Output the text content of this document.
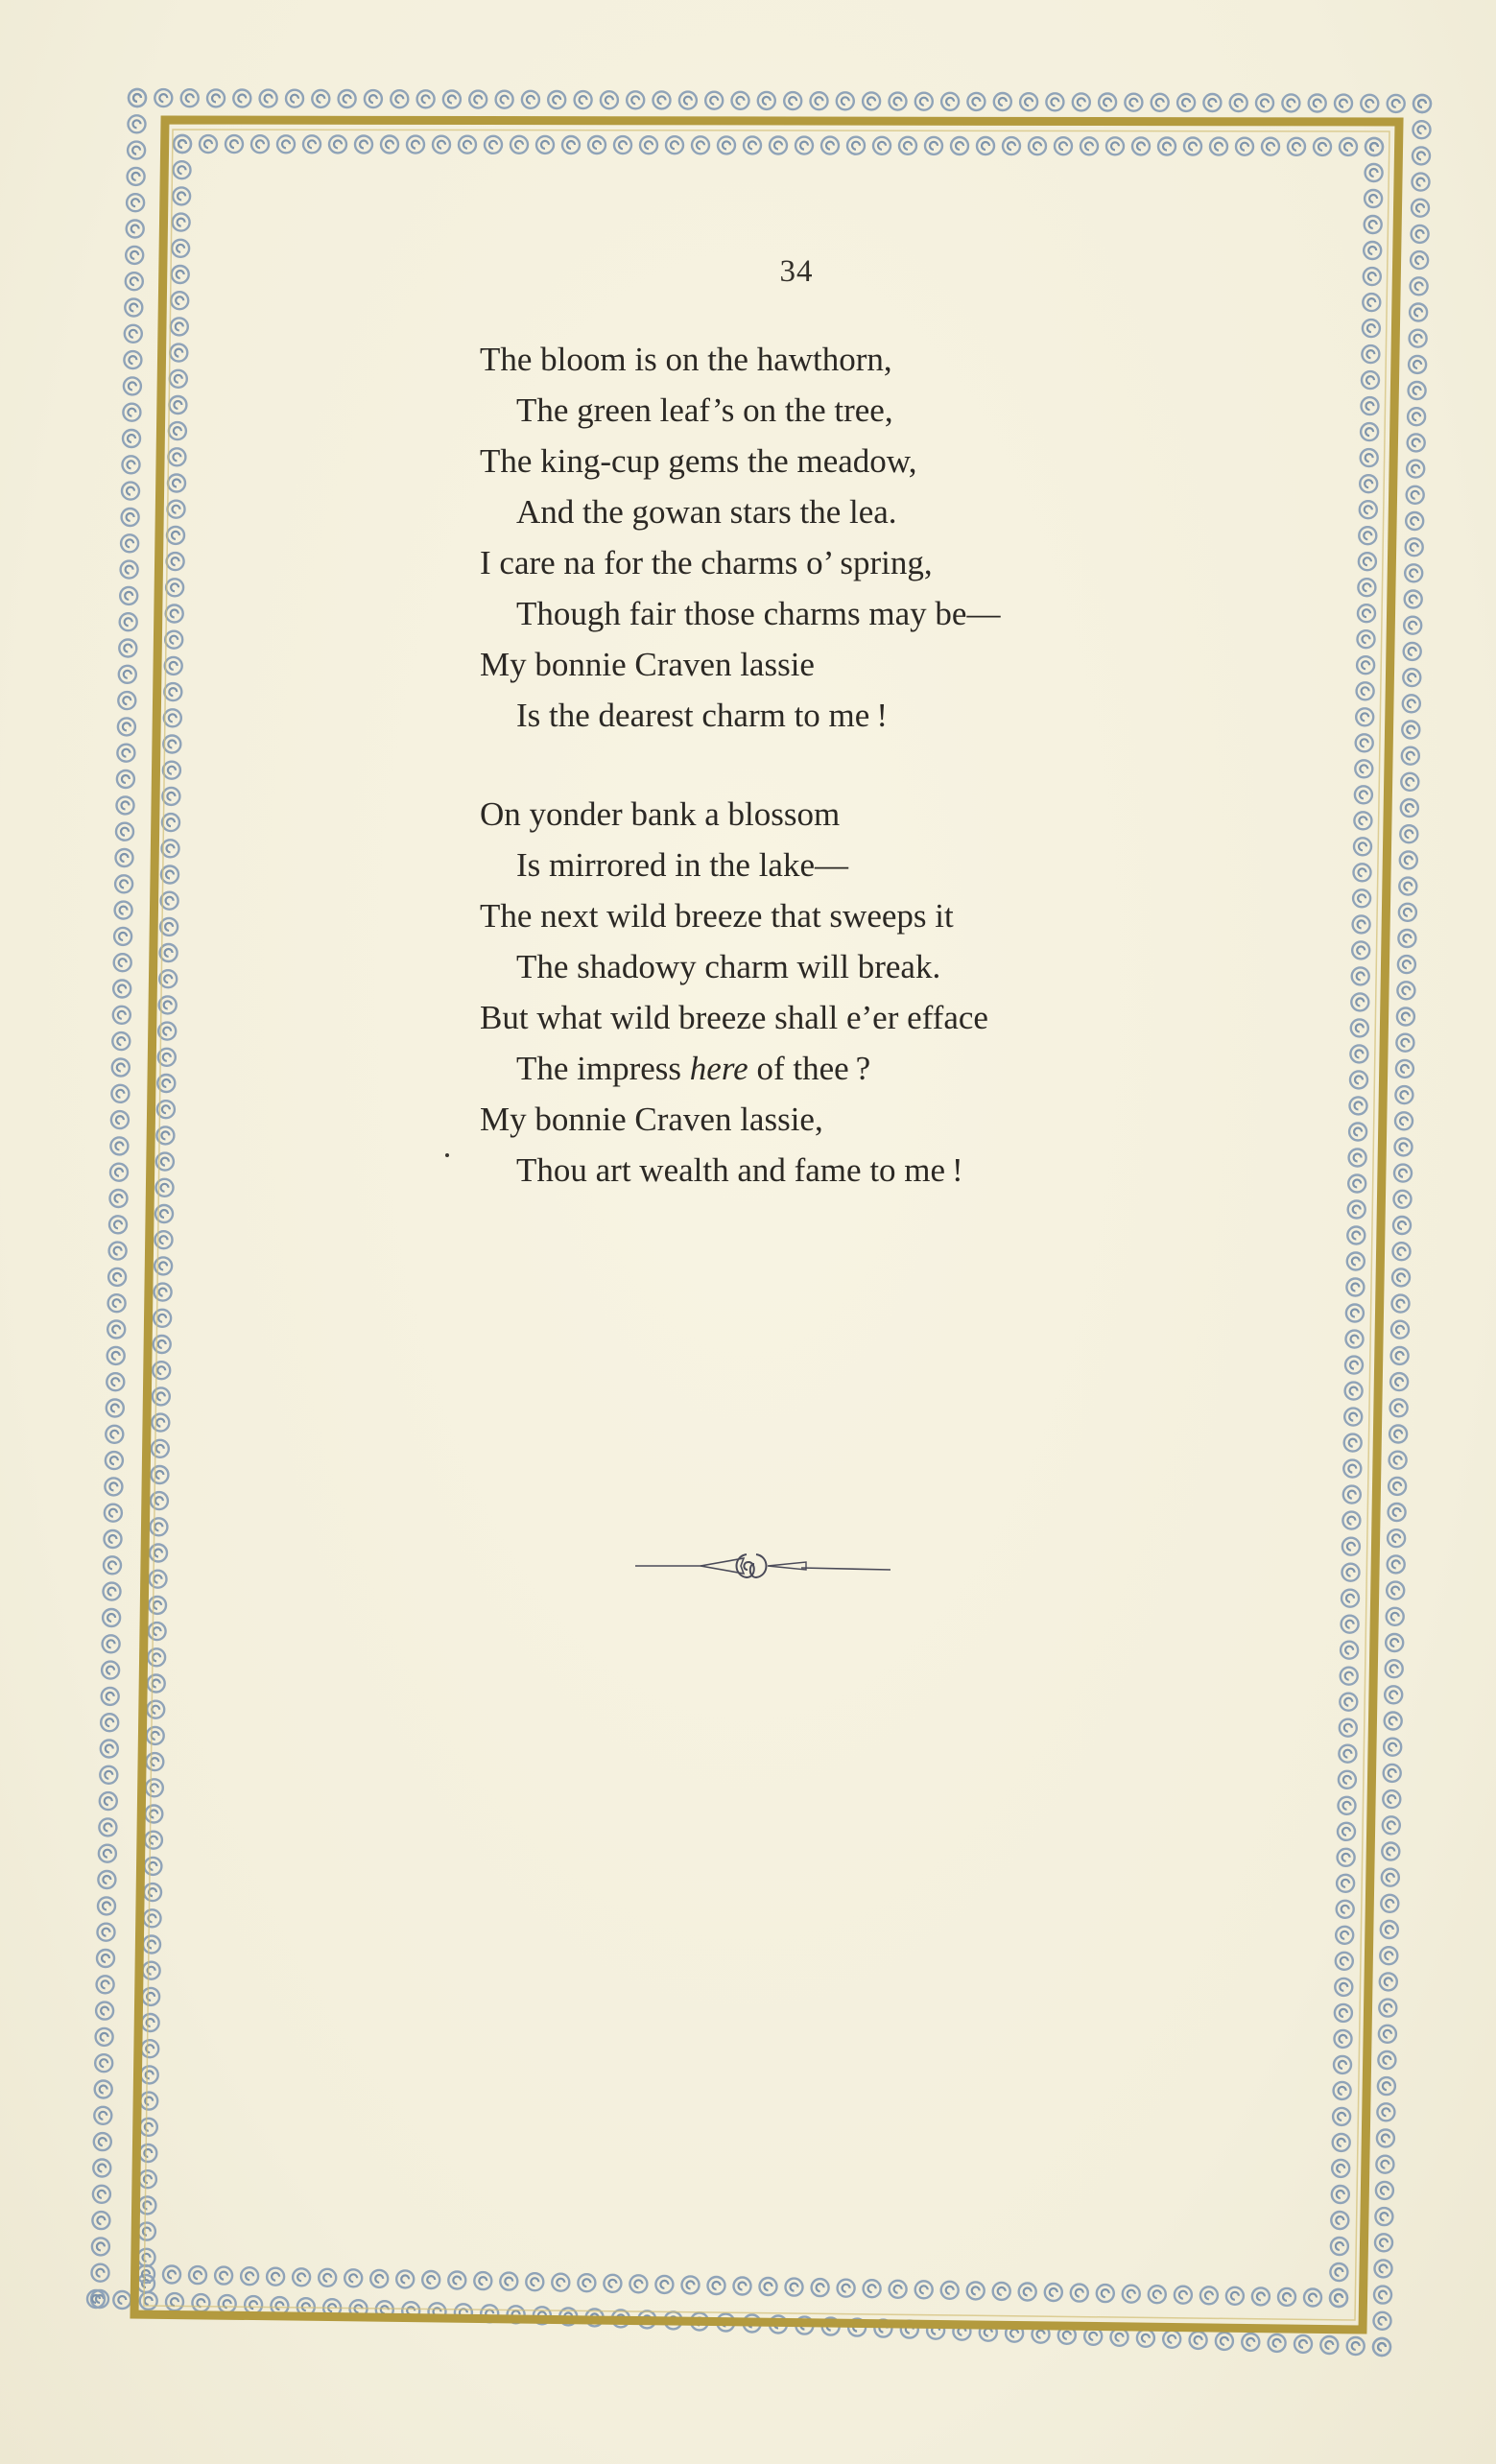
34
The bloom is on the hawthorn,
The green leaf’s on the tree,
The king-cup gems the meadow,
And the gowan stars the lea.
I care na for the charms o’ spring,
Though fair those charms may be—
My bonnie Craven lassie
Is the dearest charm to me !
On yonder bank a blossom
Is mirrored in the lake—
The next wild breeze that sweeps it
The shadowy charm will break.
But what wild breeze shall e’er efface
The impress here of thee ?
My bonnie Craven lassie,
Thou art wealth and fame to me !
